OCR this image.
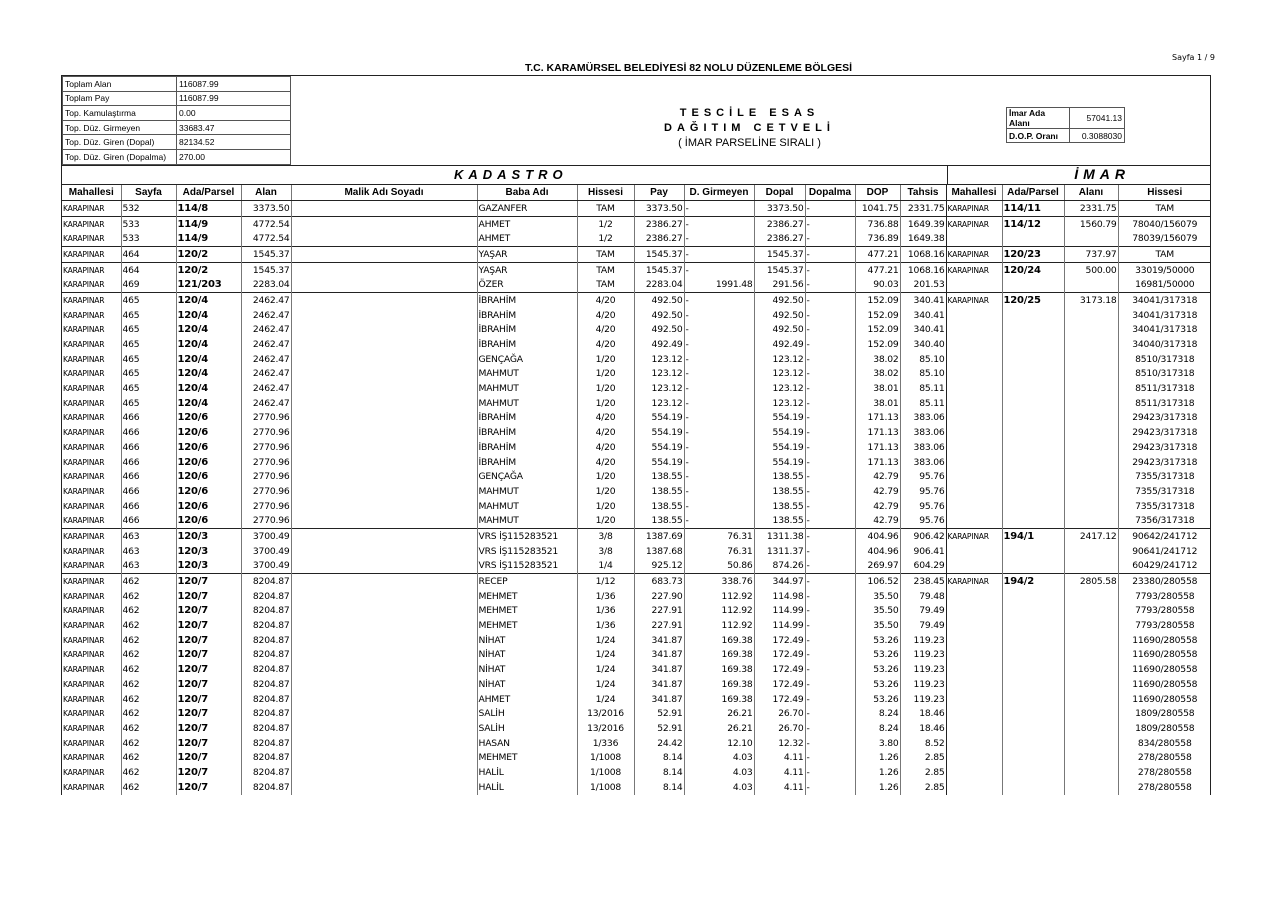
Sayfa 1 / 9
T.C. KARAMÜRSEL BELEDİYESİ 82 NOLU DÜZENLEME BÖLGESİ
Toplam Alan	116087.99
Toplam Pay	116087.99
Top. Kamulaştırma	0.00
Top. Düz. Girmeyen	33683.47
Top. Düz. Giren (Dopal)	82134.52
Top. Düz. Giren (Dopalma)	270.00
TESCİLE ESAS
DAĞITIM CETVELİ
( İMAR PARSELİNE SIRALI )
İmar Ada Alanı	57041.13
D.O.P. Oranı	0.3088030
KADASTRO	İMAR
Mahallesi	Sayfa	Ada/Parsel	Alan	Malik Adı Soyadı	Baba Adı	Hissesi	Pay	D. Girmeyen	Dopal	Dopalma	DOP	Tahsis	Mahallesi	Ada/Parsel	Alanı	Hissesi
KARAPINAR	532	114/8	3373.50		GAZANFER	TAM	3373.50	-	3373.50	-	1041.75	2331.75	KARAPINAR	114/11	2331.75	TAM
KARAPINAR	533	114/9	4772.54		AHMET	1/2	2386.27	-	2386.27	-	736.88	1649.39	KARAPINAR	114/12	1560.79	78040/156079
KARAPINAR	533	114/9	4772.54		AHMET	1/2	2386.27	-	2386.27	-	736.89	1649.38				78039/156079
KARAPINAR	464	120/2	1545.37		YAŞAR	TAM	1545.37	-	1545.37	-	477.21	1068.16	KARAPINAR	120/23	737.97	TAM
KARAPINAR	464	120/2	1545.37		YAŞAR	TAM	1545.37	-	1545.37	-	477.21	1068.16	KARAPINAR	120/24	500.00	33019/50000
KARAPINAR	469	121/203	2283.04		ÖZER	TAM	2283.04	1991.48	291.56	-	90.03	201.53				16981/50000
KARAPINAR	465	120/4	2462.47		İBRAHİM	4/20	492.50	-	492.50	-	152.09	340.41	KARAPINAR	120/25	3173.18	34041/317318
KARAPINAR	465	120/4	2462.47		İBRAHİM	4/20	492.50	-	492.50	-	152.09	340.41				34041/317318
KARAPINAR	465	120/4	2462.47		İBRAHİM	4/20	492.50	-	492.50	-	152.09	340.41				34041/317318
KARAPINAR	465	120/4	2462.47		İBRAHİM	4/20	492.49	-	492.49	-	152.09	340.40				34040/317318
KARAPINAR	465	120/4	2462.47		GENÇAĞA	1/20	123.12	-	123.12	-	38.02	85.10				8510/317318
KARAPINAR	465	120/4	2462.47		MAHMUT	1/20	123.12	-	123.12	-	38.02	85.10				8510/317318
KARAPINAR	465	120/4	2462.47		MAHMUT	1/20	123.12	-	123.12	-	38.01	85.11				8511/317318
KARAPINAR	465	120/4	2462.47		MAHMUT	1/20	123.12	-	123.12	-	38.01	85.11				8511/317318
KARAPINAR	466	120/6	2770.96		İBRAHİM	4/20	554.19	-	554.19	-	171.13	383.06				29423/317318
KARAPINAR	466	120/6	2770.96		İBRAHİM	4/20	554.19	-	554.19	-	171.13	383.06				29423/317318
KARAPINAR	466	120/6	2770.96		İBRAHİM	4/20	554.19	-	554.19	-	171.13	383.06				29423/317318
KARAPINAR	466	120/6	2770.96		İBRAHİM	4/20	554.19	-	554.19	-	171.13	383.06				29423/317318
KARAPINAR	466	120/6	2770.96		GENÇAĞA	1/20	138.55	-	138.55	-	42.79	95.76				7355/317318
KARAPINAR	466	120/6	2770.96		MAHMUT	1/20	138.55	-	138.55	-	42.79	95.76				7355/317318
KARAPINAR	466	120/6	2770.96		MAHMUT	1/20	138.55	-	138.55	-	42.79	95.76				7355/317318
KARAPINAR	466	120/6	2770.96		MAHMUT	1/20	138.55	-	138.55	-	42.79	95.76				7356/317318
KARAPINAR	463	120/3	3700.49		VRS İŞ115283521	3/8	1387.69	76.31	1311.38	-	404.96	906.42	KARAPINAR	194/1	2417.12	90642/241712
KARAPINAR	463	120/3	3700.49		VRS İŞ115283521	3/8	1387.68	76.31	1311.37	-	404.96	906.41				90641/241712
KARAPINAR	463	120/3	3700.49		VRS İŞ115283521	1/4	925.12	50.86	874.26	-	269.97	604.29				60429/241712
KARAPINAR	462	120/7	8204.87		RECEP	1/12	683.73	338.76	344.97	-	106.52	238.45	KARAPINAR	194/2	2805.58	23380/280558
KARAPINAR	462	120/7	8204.87		MEHMET	1/36	227.90	112.92	114.98	-	35.50	79.48				7793/280558
KARAPINAR	462	120/7	8204.87		MEHMET	1/36	227.91	112.92	114.99	-	35.50	79.49				7793/280558
KARAPINAR	462	120/7	8204.87		MEHMET	1/36	227.91	112.92	114.99	-	35.50	79.49				7793/280558
KARAPINAR	462	120/7	8204.87		NİHAT	1/24	341.87	169.38	172.49	-	53.26	119.23				11690/280558
KARAPINAR	462	120/7	8204.87		NİHAT	1/24	341.87	169.38	172.49	-	53.26	119.23				11690/280558
KARAPINAR	462	120/7	8204.87		NİHAT	1/24	341.87	169.38	172.49	-	53.26	119.23				11690/280558
KARAPINAR	462	120/7	8204.87		NİHAT	1/24	341.87	169.38	172.49	-	53.26	119.23				11690/280558
KARAPINAR	462	120/7	8204.87		AHMET	1/24	341.87	169.38	172.49	-	53.26	119.23				11690/280558
KARAPINAR	462	120/7	8204.87		SALİH	13/2016	52.91	26.21	26.70	-	8.24	18.46				1809/280558
KARAPINAR	462	120/7	8204.87		SALİH	13/2016	52.91	26.21	26.70	-	8.24	18.46				1809/280558
KARAPINAR	462	120/7	8204.87		HASAN	1/336	24.42	12.10	12.32	-	3.80	8.52				834/280558
KARAPINAR	462	120/7	8204.87		MEHMET	1/1008	8.14	4.03	4.11	-	1.26	2.85				278/280558
KARAPINAR	462	120/7	8204.87		HALİL	1/1008	8.14	4.03	4.11	-	1.26	2.85				278/280558
KARAPINAR	462	120/7	8204.87		HALİL	1/1008	8.14	4.03	4.11	-	1.26	2.85				278/280558
